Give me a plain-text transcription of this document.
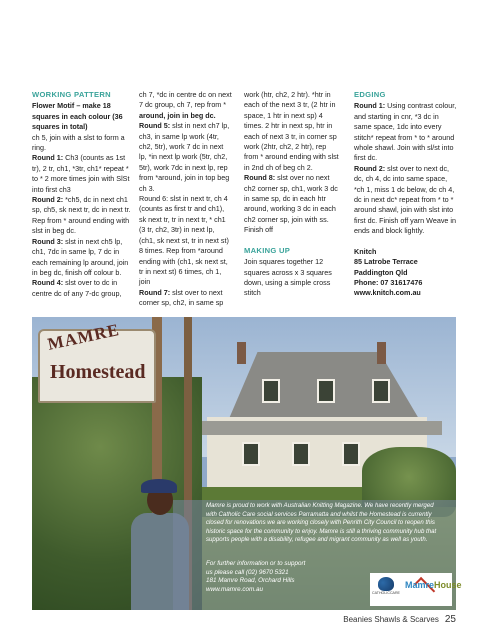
WORKING PATTERN

Flower Motif – make 18 squares in each colour (36 squares in total)

ch 5, join with a slst to form a ring.

Round 1: Ch3 (counts as 1st tr), 2 tr, ch1, *3tr, ch1* repeat * to * 2 more times join with SlSt into first ch3

Round 2: *ch5, dc in next ch1 sp, ch5, sk next tr, dc in next tr. Rep from * around ending with slst in beg dc.

Round 3: slst in next ch5 lp, ch1, 7dc in same lp, 7 dc in each remaining lp around, join in beg dc, finish off colour b.

Round 4: slst over to dc in centre dc of any 7-dc group,

ch 7, *dc in centre dc on next 7 dc group, ch 7, rep from * around, join in beg dc.

Round 5: slst in next ch7 lp, ch3, in same lp work (4tr, ch2, 5tr), work 7 dc in next lp, *in next lp work (5tr, ch2, 5tr), work 7dc in next lp, rep from *around, join in top beg ch 3.

Round 6: slst in next tr, ch 4 (counts as first tr and ch1), sk next tr, tr in next tr, * ch1 (3 tr, ch2, 3tr) in next lp, (ch1, sk next st, tr in next st) 8 times. Rep from *around ending with (ch1, sk next st, tr in next st) 6 times, ch 1, join

Round 7: slst over to next corner sp, ch2, in same sp

work (htr, ch2, 2 htr). *htr in each of the next 3 tr, (2 htr in space, 1 htr in next sp) 4 times. 2 htr in next sp, htr in each of next 3 tr, in corner sp work (2htr, ch2, 2 htr), rep from * around ending with slst in 2nd ch of beg ch 2.

Round 8: slst over no next ch2 corner sp, ch1, work 3 dc in same sp, dc in each htr around, working 3 dc in each ch2 corner sp, join with ss. Finish off

MAKING UP

Join squares together 12 squares across x 3 squares down, using a simple cross stitch

EDGING

Round 1: Using contrast colour, and starting in cnr, *3 dc in same space, 1dc into every stitch* repeat from * to * around whole shawl. Join with sl/st into first dc.

Round 2: slst over to next dc, dc, ch 4, dc into same space, *ch 1, miss 1 dc below, dc ch 4, dc in next dc* repeat from * to * around shawl, join with slst into first dc. Finish off yarn Weave in ends and block lightly.

Knitch

85 Latrobe Terrace

Paddington Qld

Phone: 07 31617476

www.knitch.com.au

MAMRE
Homestead
Mamre is proud to work with Australian Knitting Magazine. We have recently merged with Catholic Care social services Parramatta and whilst the Homestead is currently closed for renovations we are working closely with Penrith City Council to reopen this historic space for the community to enjoy. Mamre is still a thriving community hub that supports people with a disability, refugee and migrant community as well as youth.
For further information or to support
us please call (02) 9670 5321
181 Mamre Road, Orchard Hills
www.mamre.com.au
CATHOLICCARE
MamreHouse
Beanies Shawls & Scarves 25
